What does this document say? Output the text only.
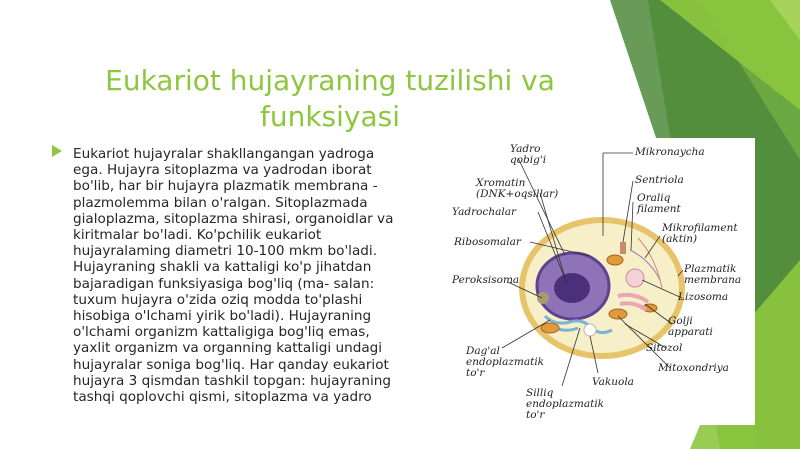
Eukariot hujayraning tuzilishi va
funksiyasi
Eukariot hujayralar shakllangangan yadroga
ega. Hujayra sitoplazma va yadrodan iborat
bo'lib, har bir hujayra plazmatik membrana -
plazmolemma bilan o'ralgan. Sitoplazmada
gialoplazma, sitoplazma shirasi, organoidlar va
kiritmalar bo'ladi. Ko'pchilik eukariot
hujayralaming diametri 10-100 mkm bo'ladi.
Hujayraning shakli va kattaligi ko'p jihatdan
bajaradigan funksiyasiga bog'liq (ma- salan:
tuxum hujayra o'zida oziq modda to'plashi
hisobiga o'lchami yirik bo'ladi). Hujayraning
o'lchami organizm kattaligiga bog'liq emas,
yaxlit organizm va organning kattaligi undagi
hujayralar soniga bog'liq. Har qanday eukariot
hujayra 3 qismdan tashkil topgan: hujayraning
tashqi qoplovchi qismi, sitoplazma va yadro
Yadro
qobig'i
Xromatin
(DNK+oqsillar)
Yadrochalar
Ribosomalar
Peroksisoma
Dag'al
endoplazmatik
to'r
Silliq
endoplazmatik
to'r
Vakuola
Mikronaycha
Sentriola
Oraliq
filament
Mikrofilament
(aktin)
Plazmatik
membrana
Lizosoma
Golji
apparati
Sitozol
Mitoxondriya
